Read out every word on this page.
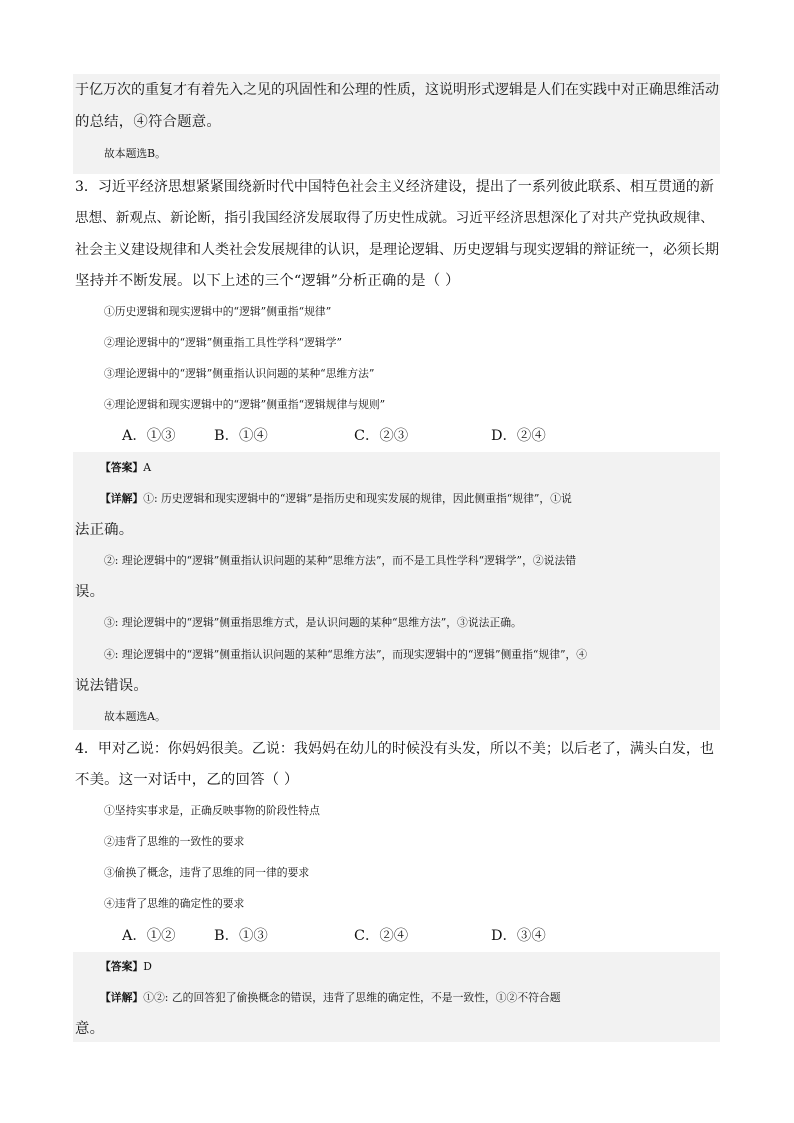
于亿万次的重复才有着先入之见的巩固性和公理的性质，这说明形式逻辑是人们在实践中对正确思维活动
的总结，④符合题意。
故本题选B。
3．习近平经济思想紧紧围绕新时代中国特色社会主义经济建设，提出了一系列彼此联系、相互贯通的新
思想、新观点、新论断，指引我国经济发展取得了历史性成就。习近平经济思想深化了对共产党执政规律、
社会主义建设规律和人类社会发展规律的认识，是理论逻辑、历史逻辑与现实逻辑的辩证统一，必须长期
坚持并不断发展。以下上述的三个“逻辑”分析正确的是（ ）
①历史逻辑和现实逻辑中的“逻辑”侧重指“规律”
②理论逻辑中的“逻辑”侧重指工具性学科“逻辑学”
③理论逻辑中的“逻辑”侧重指认识问题的某种“思维方法”
④理论逻辑和现实逻辑中的“逻辑”侧重指“逻辑规律与规则”
A．①③	B．①④	C．②③	D．②④
【答案】A
【详解】①: 历史逻辑和现实逻辑中的“逻辑”是指历史和现实发展的规律，因此侧重指“规律”，①说
法正确。
②: 理论逻辑中的“逻辑”侧重指认识问题的某种“思维方法”，而不是工具性学科“逻辑学”，②说法错
误。
③: 理论逻辑中的“逻辑”侧重指思维方式，是认识问题的某种“思维方法”，③说法正确。
④: 理论逻辑中的“逻辑”侧重指认识问题的某种“思维方法”，而现实逻辑中的“逻辑”侧重指“规律”，④
说法错误。
故本题选A。
4．甲对乙说：你妈妈很美。乙说：我妈妈在幼儿的时候没有头发，所以不美；以后老了，满头白发，也
不美。这一对话中，乙的回答（ ）
①坚持实事求是，正确反映事物的阶段性特点
②违背了思维的一致性的要求
③偷换了概念，违背了思维的同一律的要求
④违背了思维的确定性的要求
A．①②	B．①③	C．②④	D．③④
【答案】D
【详解】①②: 乙的回答犯了偷换概念的错误，违背了思维的确定性，不是一致性，①②不符合题
意。
